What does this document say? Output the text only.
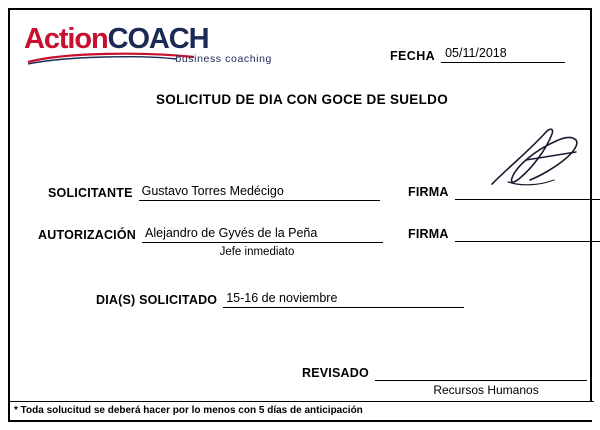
ActionCOACH
business coaching	FECHA 05/11/2018
SOLICITUD DE DIA CON GOCE DE SUELDO
SOLICITANTE Gustavo Torres Medécigo	FIRMA
AUTORIZACIÓN Alejandro de Gyvés de la Peña	FIRMA
Jefe inmediato
DIA(S) SOLICITADO 15-16 de noviembre
REVISADO
Recursos Humanos
* Toda solucitud se deberá hacer por lo menos con 5 días de anticipación
